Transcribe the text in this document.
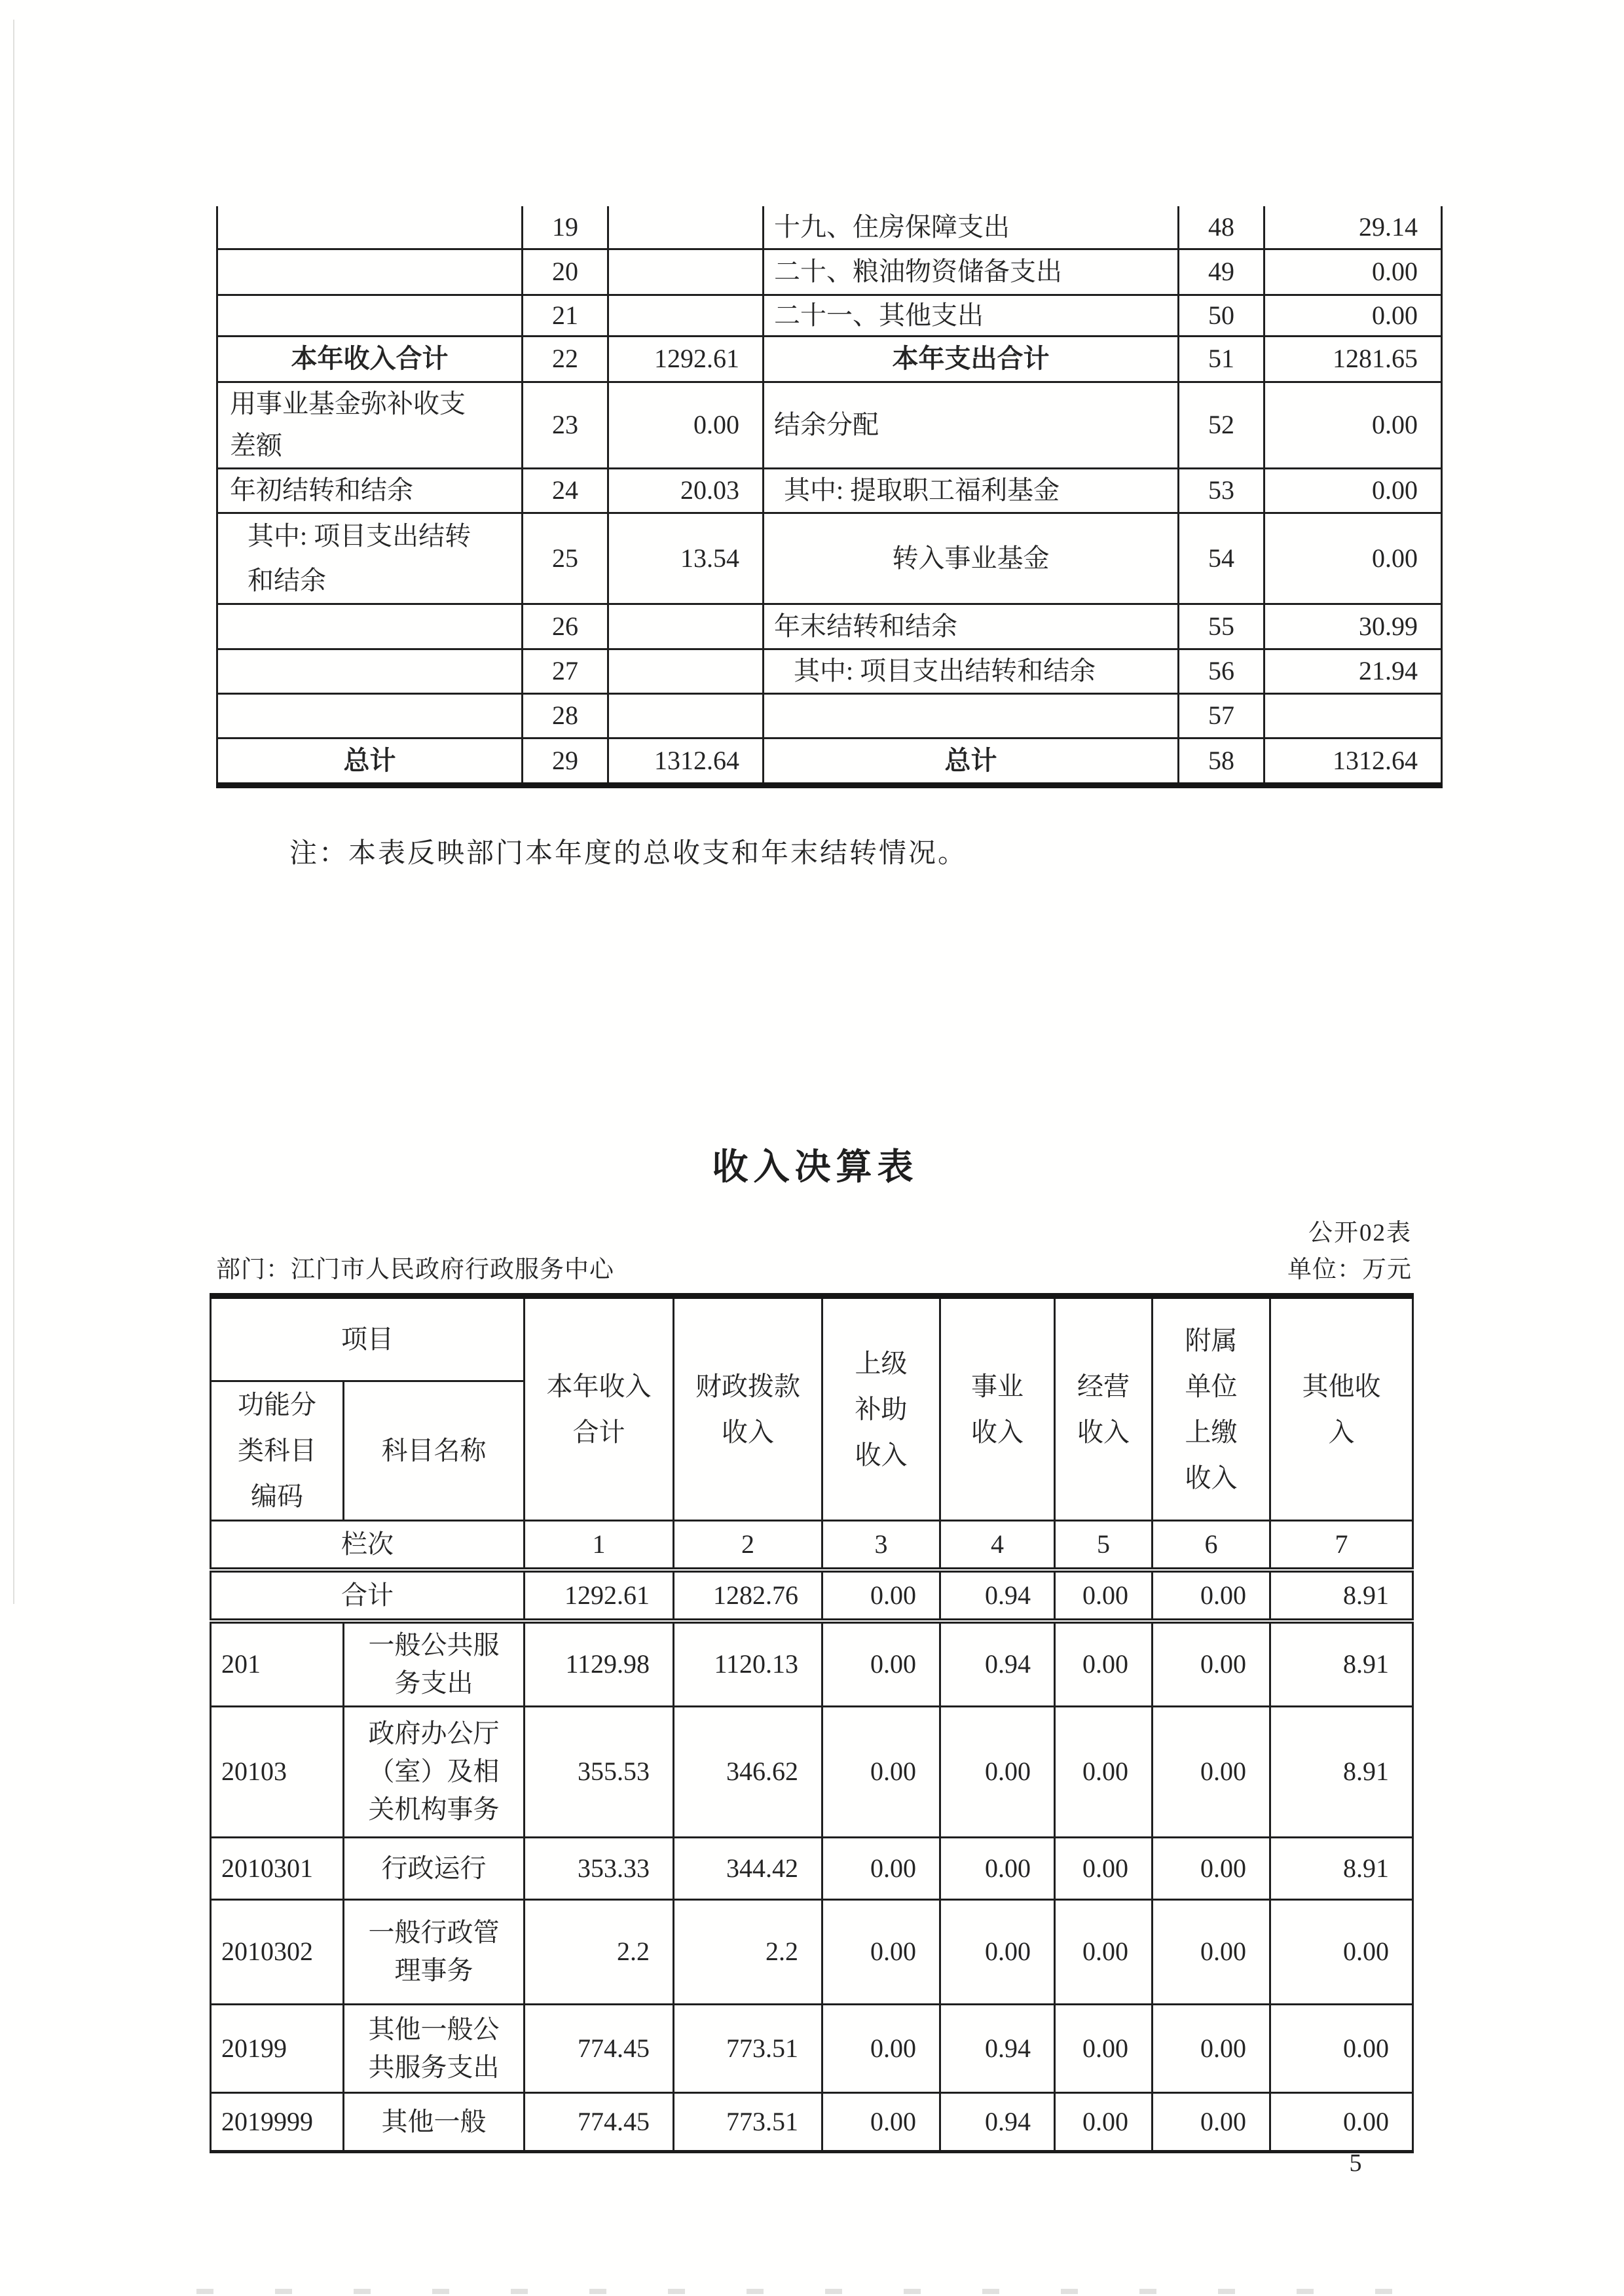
	19		十九、住房保障支出	48	29.14
	20		二十、粮油物资储备支出	49	0.00
	21		二十一、其他支出	50	0.00
本年收入合计	22	1292.61	本年支出合计	51	1281.65
用事业基金弥补收支差额	23	0.00	结余分配	52	0.00
年初结转和结余	24	20.03	其中: 提取职工福利基金	53	0.00
其中: 项目支出结转和结余	25	13.54	转入事业基金	54	0.00
	26		年末结转和结余	55	30.99
	27		其中: 项目支出结转和结余	56	21.94
	28			57	
总计	29	1312.64	总计	58	1312.64

注：本表反映部门本年度的总收支和年末结转情况。

收入决算表
公开02表
部门：江门市人民政府行政服务中心	单位：万元
项目		本年收入合计	财政拨款收入	上级补助收入	事业收入	经营收入	附属单位上缴收入	其他收入
功能分类科目编码	科目名称							
栏次		1	2	3	4	5	6	7
合计		1292.61	1282.76	0.00	0.94	0.00	0.00	8.91
201	一般公共服务支出	1129.98	1120.13	0.00	0.94	0.00	0.00	8.91
20103	政府办公厅（室）及相关机构事务	355.53	346.62	0.00	0.00	0.00	0.00	8.91
2010301	行政运行	353.33	344.42	0.00	0.00	0.00	0.00	8.91
2010302	一般行政管理事务	2.2	2.2	0.00	0.00	0.00	0.00	0.00
20199	其他一般公共服务支出	774.45	773.51	0.00	0.94	0.00	0.00	0.00
2019999	其他一般	774.45	773.51	0.00	0.94	0.00	0.00	0.00
5
